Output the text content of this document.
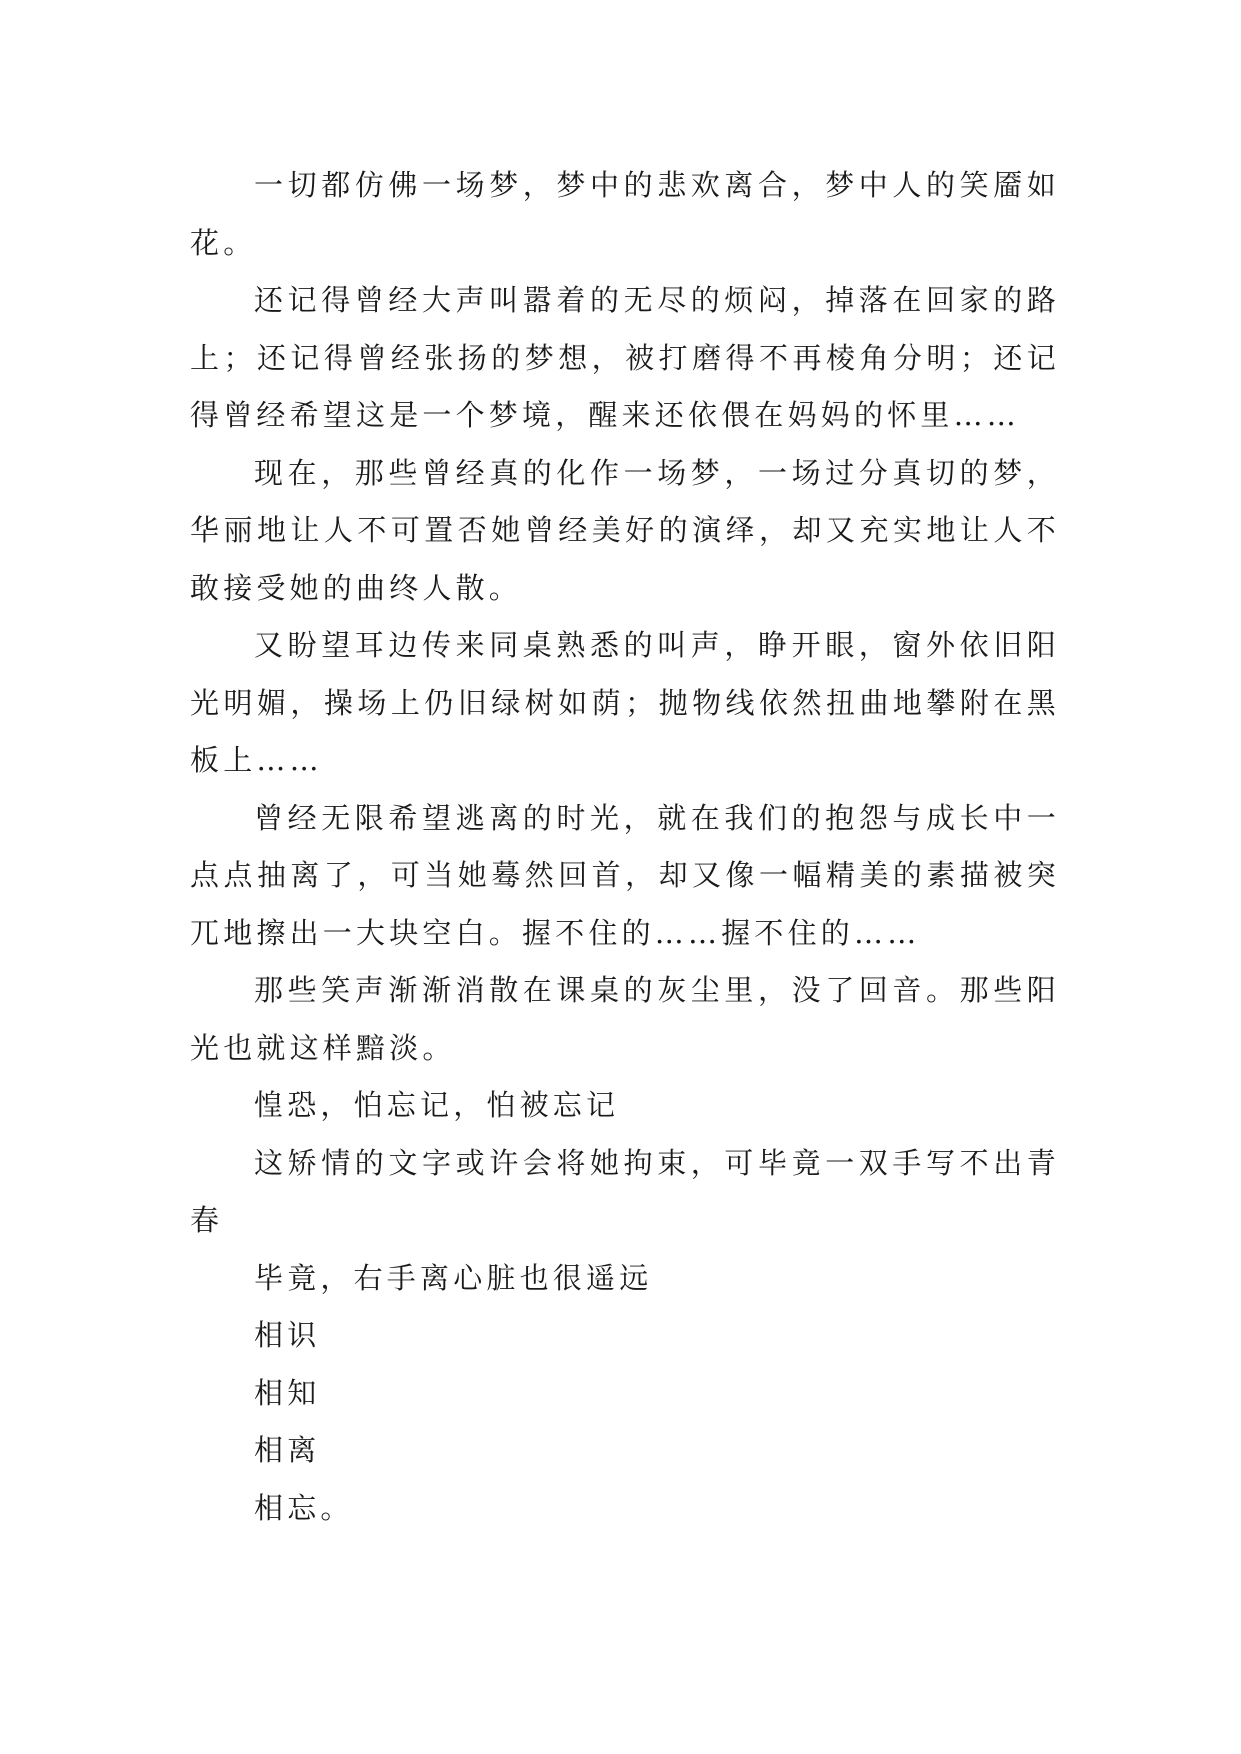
一切都仿佛一场梦，梦中的悲欢离合，梦中人的笑靥如花。

还记得曾经大声叫嚣着的无尽的烦闷，掉落在回家的路上；还记得曾经张扬的梦想，被打磨得不再棱角分明；还记得曾经希望这是一个梦境，醒来还依偎在妈妈的怀里……

现在，那些曾经真的化作一场梦，一场过分真切的梦，华丽地让人不可置否她曾经美好的演绎，却又充实地让人不敢接受她的曲终人散。

又盼望耳边传来同桌熟悉的叫声，睁开眼，窗外依旧阳光明媚，操场上仍旧绿树如荫；抛物线依然扭曲地攀附在黑板上……

曾经无限希望逃离的时光，就在我们的抱怨与成长中一点点抽离了，可当她蓦然回首，却又像一幅精美的素描被突兀地擦出一大块空白。握不住的……握不住的……

那些笑声渐渐消散在课桌的灰尘里，没了回音。那些阳光也就这样黯淡。

惶恐，怕忘记，怕被忘记

这矫情的文字或许会将她拘束，可毕竟一双手写不出青春

毕竟，右手离心脏也很遥远

相识

相知

相离

相忘。
